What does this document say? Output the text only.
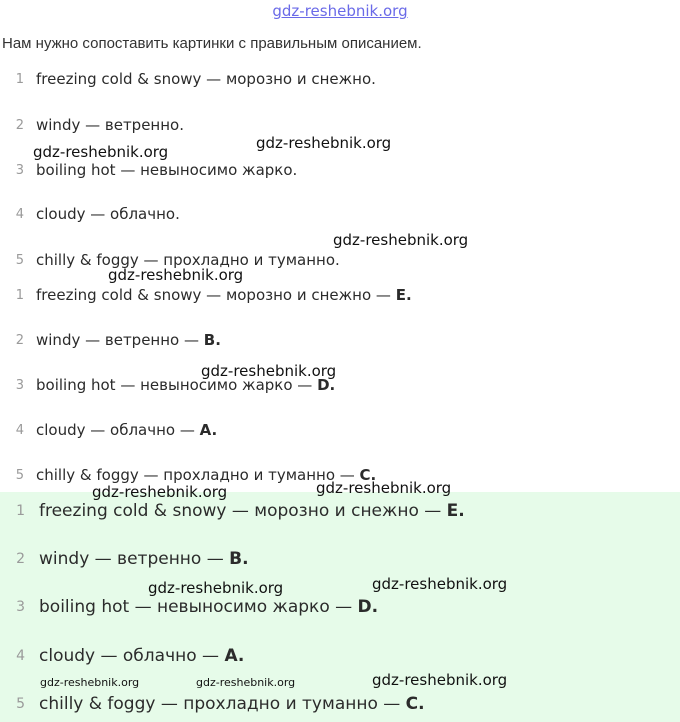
gdz-reshebnik.org
Нам нужно сопоставить картинки с правильным описанием.
1 freezing cold & snowy — морозно и снежно.
2 windy — ветренно.
3 boiling hot — невыносимо жарко.
4 cloudy — облачно.
5 chilly & foggy — прохладно и туманно.
1 freezing cold & snowy — морозно и снежно — E.
2 windy — ветренно — B.
3 boiling hot — невыносимо жарко — D.
4 cloudy — облачно — A.
5 chilly & foggy — прохладно и туманно — C.
1 freezing cold & snowy — морозно и снежно — E.
2 windy — ветренно — B.
3 boiling hot — невыносимо жарко — D.
4 cloudy — облачно — A.
5 chilly & foggy — прохладно и туманно — C.
gdz-reshebnik.org
gdz-reshebnik.org
gdz-reshebnik.org
gdz-reshebnik.org
gdz-reshebnik.org
gdz-reshebnik.org
gdz-reshebnik.org
gdz-reshebnik.org	gdz-reshebnik.org
gdz-reshebnik.org	gdz-reshebnik.org	gdz-reshebnik.org
